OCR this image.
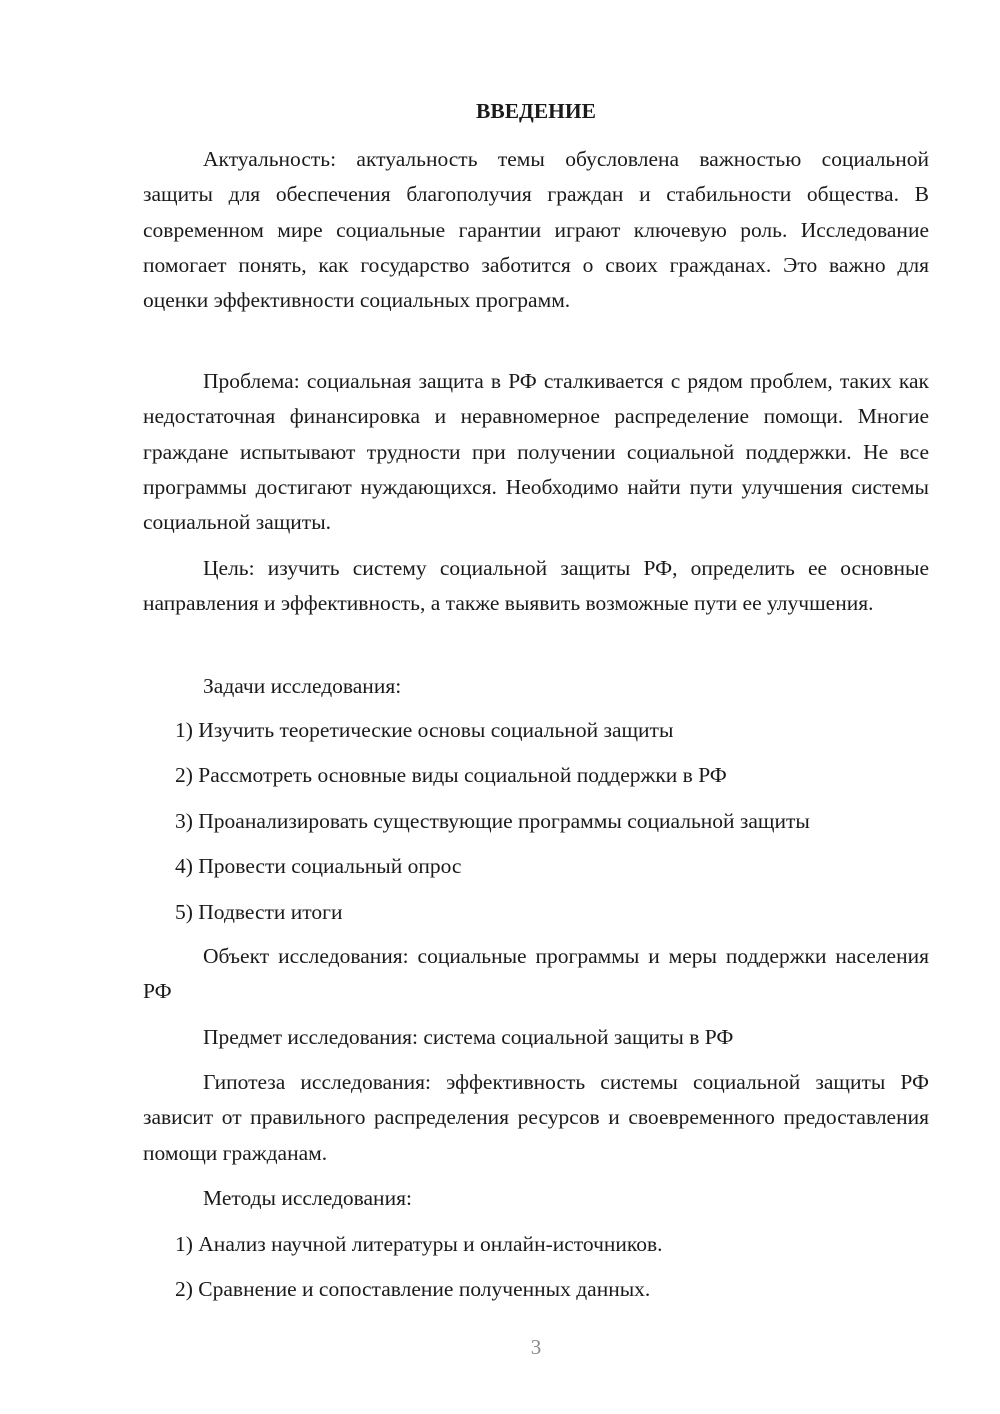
ВВЕДЕНИЕ

Актуальность: актуальность темы обусловлена важностью социальной защиты для обеспечения благополучия граждан и стабильности общества. В современном мире социальные гарантии играют ключевую роль. Исследование помогает понять, как государство заботится о своих гражданах. Это важно для оценки эффективности социальных программ.

Проблема: социальная защита в РФ сталкивается с рядом проблем, таких как недостаточная финансировка и неравномерное распределение помощи. Многие граждане испытывают трудности при получении социальной поддержки. Не все программы достигают нуждающихся. Необходимо найти пути улучшения системы социальной защиты.

Цель: изучить систему социальной защиты РФ, определить ее основные направления и эффективность, а также выявить возможные пути ее улучшения.

Задачи исследования:

1) Изучить теоретические основы социальной защиты

2) Рассмотреть основные виды социальной поддержки в РФ

3) Проанализировать существующие программы социальной защиты

4) Провести социальный опрос

5) Подвести итоги

Объект исследования: социальные программы и меры поддержки населения РФ

Предмет исследования: система социальной защиты в РФ

Гипотеза исследования: эффективность системы социальной защиты РФ зависит от правильного распределения ресурсов и своевременного предоставления помощи гражданам.

Методы исследования:

1) Анализ научной литературы и онлайн-источников.

2) Сравнение и сопоставление полученных данных.

3
